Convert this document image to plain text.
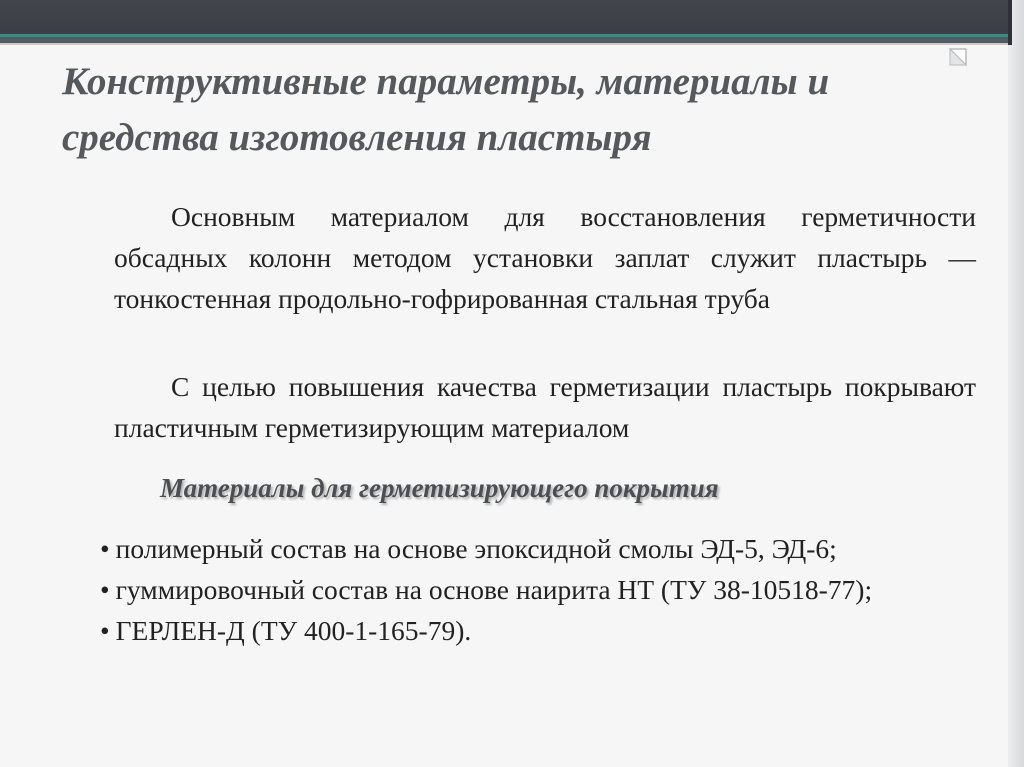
Конструктивные параметры, материалы и средства изготовления пластыря

Основным материалом для восстановления герметичности обсадных колонн методом установки заплат служит пластырь — тонкостенная продольно-гофрированная стальная труба

С целью повышения качества герметизации пластырь покрывают пластичным герметизирующим материалом

Материалы для герметизирующего покрытия
• полимерный состав на основе эпоксидной смолы ЭД-5, ЭД-6;
• гуммировочный состав на основе наирита НТ (ТУ 38-10518-77);
• ГЕРЛЕН-Д (ТУ 400-1-165-79).
